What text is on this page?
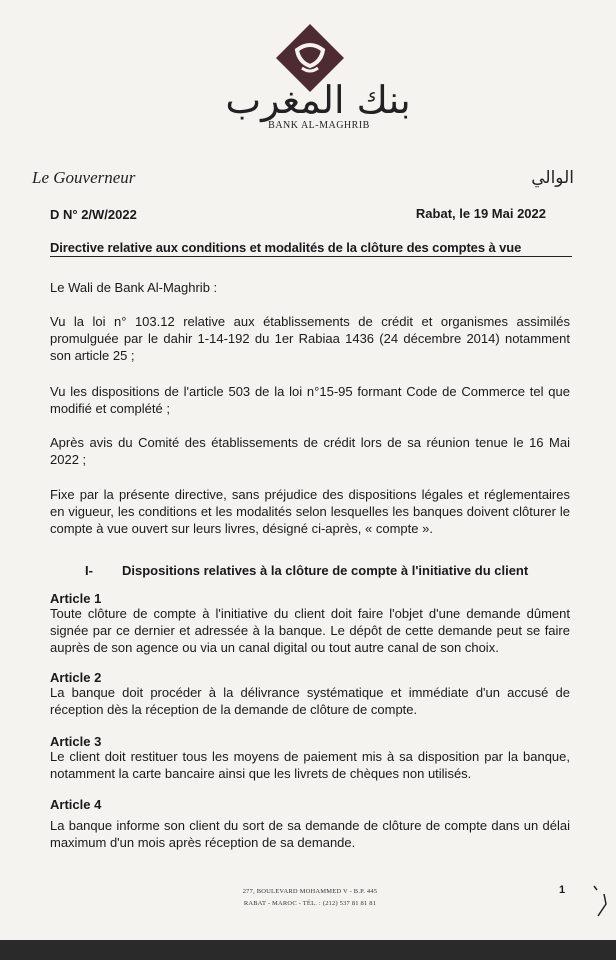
بنك المغرب
BANK AL-MAGHRIB
Le Gouverneur	الوالي
D N° 2/W/2022	Rabat, le 19 Mai 2022
Directive relative aux conditions et modalités de la clôture des comptes à vue
Le Wali de Bank Al-Maghrib :
Vu la loi n° 103.12 relative aux établissements de crédit et organismes assimilés promulguée par le dahir 1-14-192 du 1er Rabiaa 1436 (24 décembre 2014) notamment son article 25 ;
Vu les dispositions de l'article 503 de la loi n°15-95 formant Code de Commerce tel que modifié et complété ;
Après avis du Comité des établissements de crédit lors de sa réunion tenue le 16 Mai 2022 ;
Fixe par la présente directive, sans préjudice des dispositions légales et réglementaires en vigueur, les conditions et les modalités selon lesquelles les banques doivent clôturer le compte à vue ouvert sur leurs livres, désigné ci-après, « compte ».
I- Dispositions relatives à la clôture de compte à l'initiative du client
Article 1
Toute clôture de compte à l'initiative du client doit faire l'objet d'une demande dûment signée par ce dernier et adressée à la banque. Le dépôt de cette demande peut se faire auprès de son agence ou via un canal digital ou tout autre canal de son choix.
Article 2
La banque doit procéder à la délivrance systématique et immédiate d'un accusé de réception dès la réception de la demande de clôture de compte.
Article 3
Le client doit restituer tous les moyens de paiement mis à sa disposition par la banque, notamment la carte bancaire ainsi que les livrets de chèques non utilisés.
Article 4
La banque informe son client du sort de sa demande de clôture de compte dans un délai maximum d'un mois après réception de sa demande.
277, BOULEVARD MOHAMMED V - B.P. 445
RABAT - MAROC - TÉL. : (212) 537 81 81 81
1
